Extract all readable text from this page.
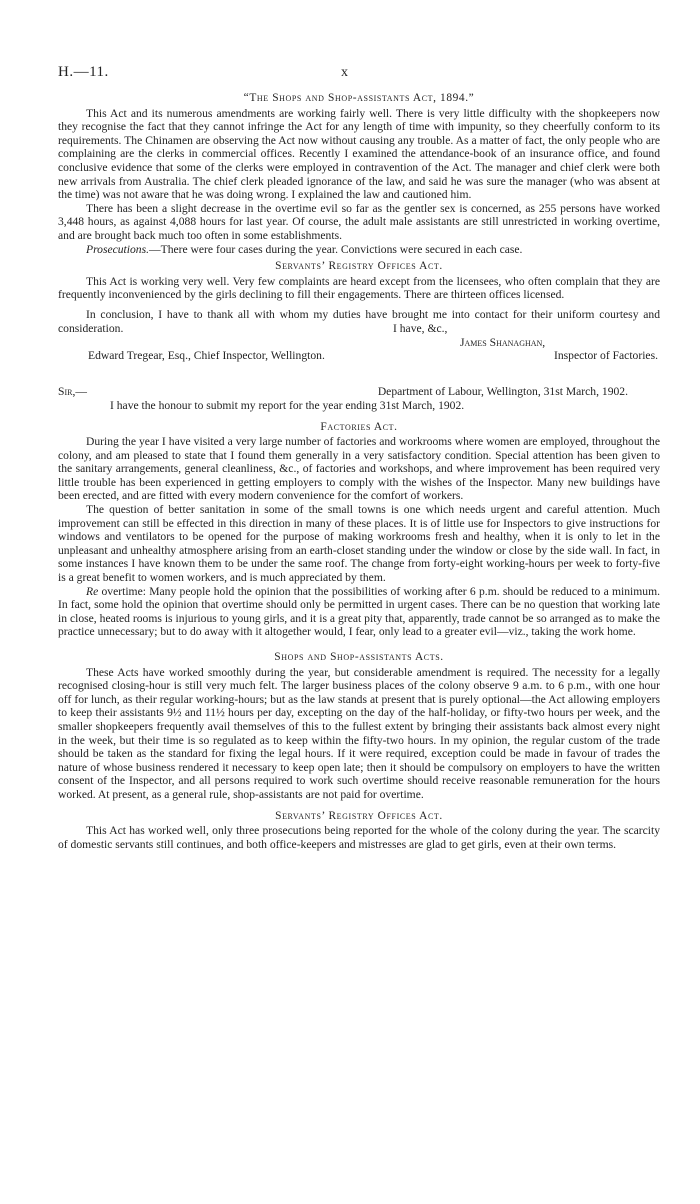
H.—11.	x
“The Shops and Shop-assistants Act, 1894.”

This Act and its numerous amendments are working fairly well. There is very little difficulty with the shopkeepers now they recognise the fact that they cannot infringe the Act for any length of time with impunity, so they cheerfully conform to its requirements. The Chinamen are observing the Act now without causing any trouble. As a matter of fact, the only people who are complaining are the clerks in commercial offices. Recently I examined the attendance-book of an insurance office, and found conclusive evidence that some of the clerks were employed in contravention of the Act. The manager and chief clerk were both new arrivals from Australia. The chief clerk pleaded ignorance of the law, and said he was sure the manager (who was absent at the time) was not aware that he was doing wrong. I explained the law and cautioned him.

There has been a slight decrease in the overtime evil so far as the gentler sex is concerned, as 255 persons have worked 3,448 hours, as against 4,088 hours for last year. Of course, the adult male assistants are still unrestricted in working overtime, and are brought back much too often in some establishments.

Prosecutions.—There were four cases during the year. Convictions were secured in each case.

Servants’ Registry Offices Act.

This Act is working very well. Very few complaints are heard except from the licensees, who often complain that they are frequently inconvenienced by the girls declining to fill their engagements. There are thirteen offices licensed.

In conclusion, I have to thank all with whom my duties have brought me into contact for their uniform courtesy and consideration.	I have, &c.,
James Shanaghan,
Edward Tregear, Esq., Chief Inspector, Wellington.	Inspector of Factories.
Sir,—	Department of Labour, Wellington, 31st March, 1902.

I have the honour to submit my report for the year ending 31st March, 1902.

Factories Act.

During the year I have visited a very large number of factories and workrooms where women are employed, throughout the colony, and am pleased to state that I found them generally in a very satisfactory condition. Special attention has been given to the sanitary arrangements, general cleanliness, &c., of factories and workshops, and where improvement has been required very little trouble has been experienced in getting employers to comply with the wishes of the Inspector. Many new buildings have been erected, and are fitted with every modern convenience for the comfort of workers.

The question of better sanitation in some of the small towns is one which needs urgent and careful attention. Much improvement can still be effected in this direction in many of these places. It is of little use for Inspectors to give instructions for windows and ventilators to be opened for the purpose of making workrooms fresh and healthy, when it is only to let in the unpleasant and unhealthy atmosphere arising from an earth-closet standing under the window or close by the side wall. In fact, in some instances I have known them to be under the same roof. The change from forty-eight working-hours per week to forty-five is a great benefit to women workers, and is much appreciated by them.

Re overtime: Many people hold the opinion that the possibilities of working after 6 p.m. should be reduced to a minimum. In fact, some hold the opinion that overtime should only be permitted in urgent cases. There can be no question that working late in close, heated rooms is injurious to young girls, and it is a great pity that, apparently, trade cannot be so arranged as to make the practice unnecessary; but to do away with it altogether would, I fear, only lead to a greater evil—viz., taking the work home.

Shops and Shop-assistants Acts.

These Acts have worked smoothly during the year, but considerable amendment is required. The necessity for a legally recognised closing-hour is still very much felt. The larger business places of the colony observe 9 a.m. to 6 p.m., with one hour off for lunch, as their regular working-hours; but as the law stands at present that is purely optional—the Act allowing employers to keep their assistants 9½ and 11½ hours per day, excepting on the day of the half-holiday, or fifty-two hours per week, and the smaller shopkeepers frequently avail themselves of this to the fullest extent by bringing their assistants back almost every night in the week, but their time is so regulated as to keep within the fifty-two hours. In my opinion, the regular custom of the trade should be taken as the standard for fixing the legal hours. If it were required, exception could be made in favour of trades the nature of whose business rendered it necessary to keep open late; then it should be compulsory on employers to have the written consent of the Inspector, and all persons required to work such overtime should receive reasonable remuneration for the hours worked. At present, as a general rule, shop-assistants are not paid for overtime.

Servants’ Registry Offices Act.

This Act has worked well, only three prosecutions being reported for the whole of the colony during the year. The scarcity of domestic servants still continues, and both office-keepers and mistresses are glad to get girls, even at their own terms.
